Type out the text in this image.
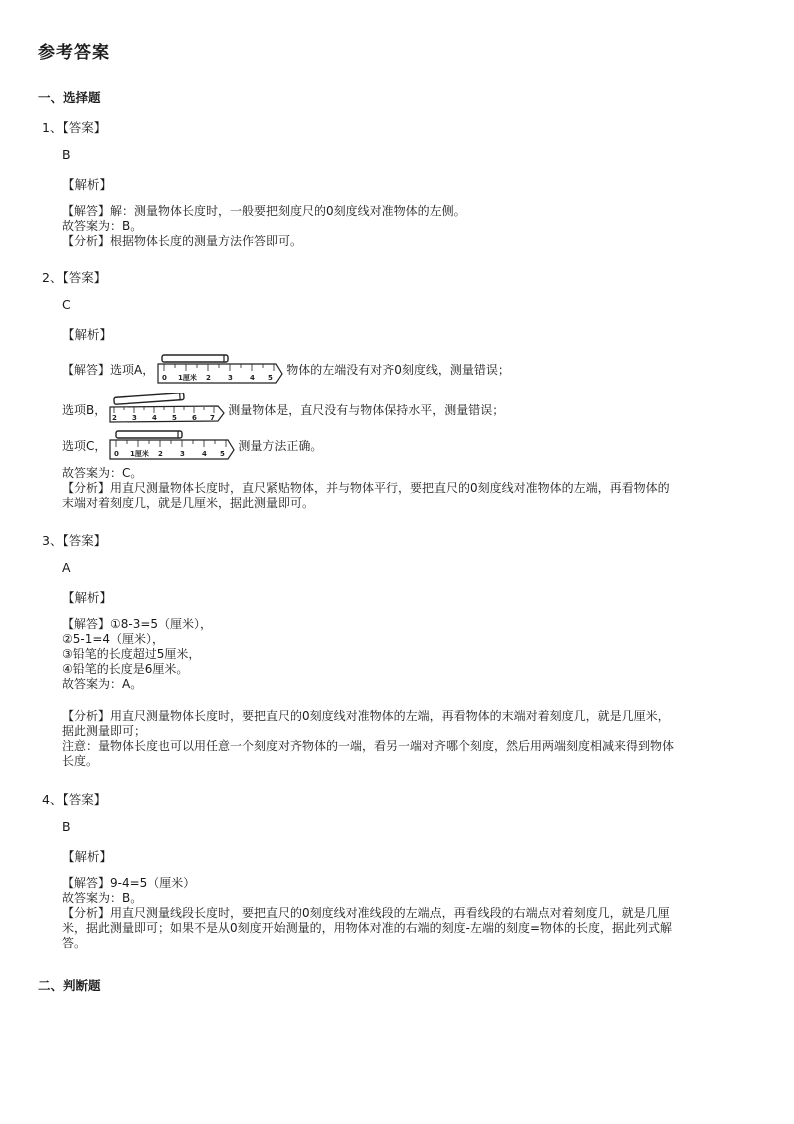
参考答案
一、选择题
1、【答案】
B
【解析】
【解答】解：测量物体长度时，一般要把刻度尺的0刻度线对准物体的左侧。
故答案为：B。
【分析】根据物体长度的测量方法作答即可。
2、【答案】
C
【解析】
【解答】选项A，
0 1厘米 2 3 4 5
物体的左端没有对齐0刻度线，测量错误；
选项B，
2 3 4 5 6 7
测量物体是，直尺没有与物体保持水平，测量错误；
选项C，
0 1厘米 2 3 4 5
测量方法正确。
故答案为：C。
【分析】用直尺测量物体长度时，直尺紧贴物体，并与物体平行，要把直尺的0刻度线对准物体的左端，再看物体的
末端对着刻度几，就是几厘米，据此测量即可。
3、【答案】
A
【解析】
【解答】①8-3=5（厘米），
②5-1=4（厘米），
③铅笔的长度超过5厘米，
④铅笔的长度是6厘米。
故答案为：A。
【分析】用直尺测量物体长度时，要把直尺的0刻度线对准物体的左端，再看物体的末端对着刻度几，就是几厘米，
据此测量即可；
注意：量物体长度也可以用任意一个刻度对齐物体的一端，看另一端对齐哪个刻度，然后用两端刻度相减来得到物体
长度。
4、【答案】
B
【解析】
【解答】9-4=5（厘米）
故答案为：B。
【分析】用直尺测量线段长度时，要把直尺的0刻度线对准线段的左端点，再看线段的右端点对着刻度几，就是几厘
米，据此测量即可；如果不是从0刻度开始测量的，用物体对准的右端的刻度-左端的刻度=物体的长度，据此列式解
答。
二、判断题
